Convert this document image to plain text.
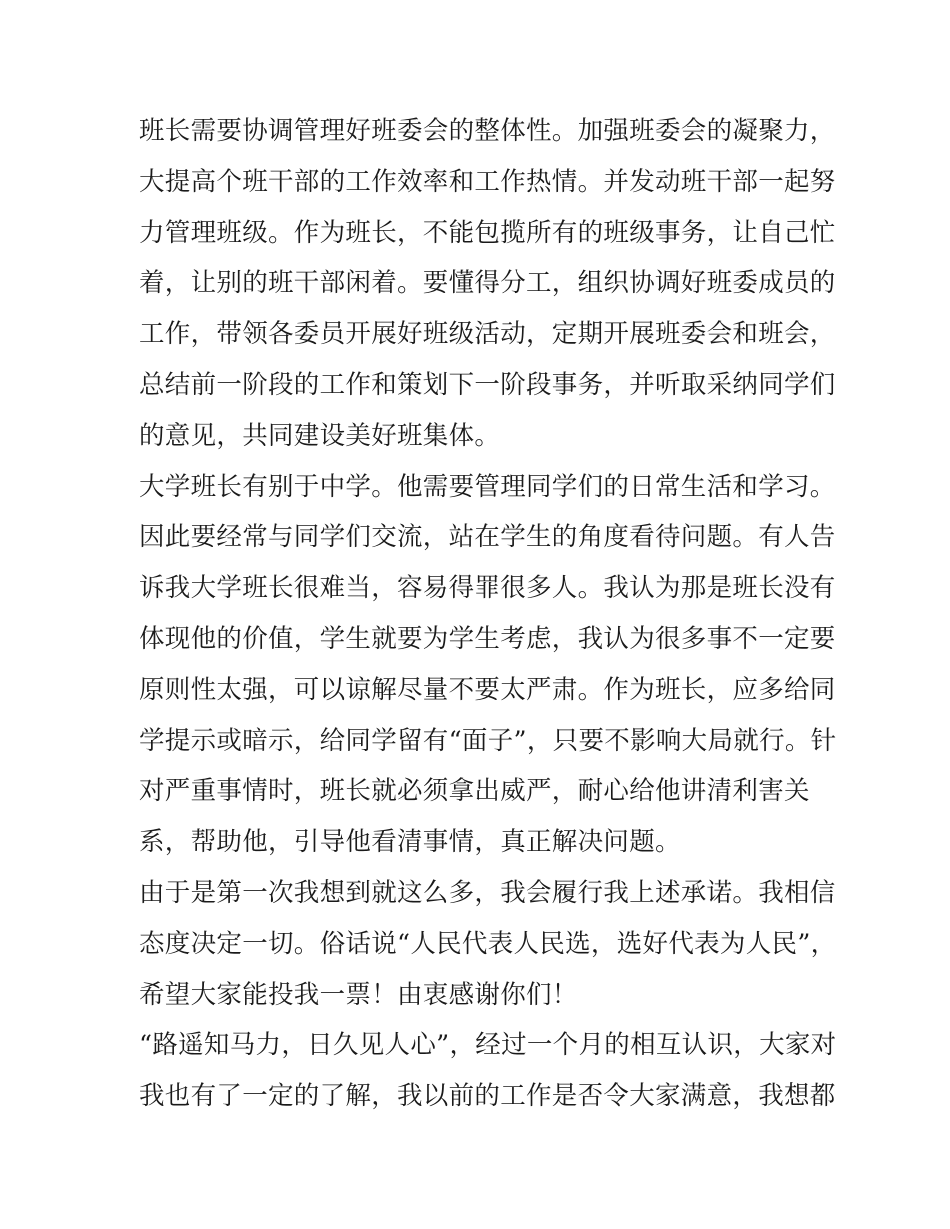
班长需要协调管理好班委会的整体性。加强班委会的凝聚力，
大提高个班干部的工作效率和工作热情。并发动班干部一起努
力管理班级。作为班长，不能包揽所有的班级事务，让自己忙
着，让别的班干部闲着。要懂得分工，组织协调好班委成员的
工作，带领各委员开展好班级活动，定期开展班委会和班会，
总结前一阶段的工作和策划下一阶段事务，并听取采纳同学们
的意见，共同建设美好班集体。
大学班长有别于中学。他需要管理同学们的日常生活和学习。
因此要经常与同学们交流，站在学生的角度看待问题。有人告
诉我大学班长很难当，容易得罪很多人。我认为那是班长没有
体现他的价值，学生就要为学生考虑，我认为很多事不一定要
原则性太强，可以谅解尽量不要太严肃。作为班长，应多给同
学提示或暗示，给同学留有“面子”，只要不影响大局就行。针
对严重事情时，班长就必须拿出威严，耐心给他讲清利害关
系，帮助他，引导他看清事情，真正解决问题。
由于是第一次我想到就这么多，我会履行我上述承诺。我相信
态度决定一切。俗话说“人民代表人民选，选好代表为人民”，
希望大家能投我一票！由衷感谢你们！
“路遥知马力，日久见人心”，经过一个月的相互认识，大家对
我也有了一定的了解，我以前的工作是否令大家满意，我想都
